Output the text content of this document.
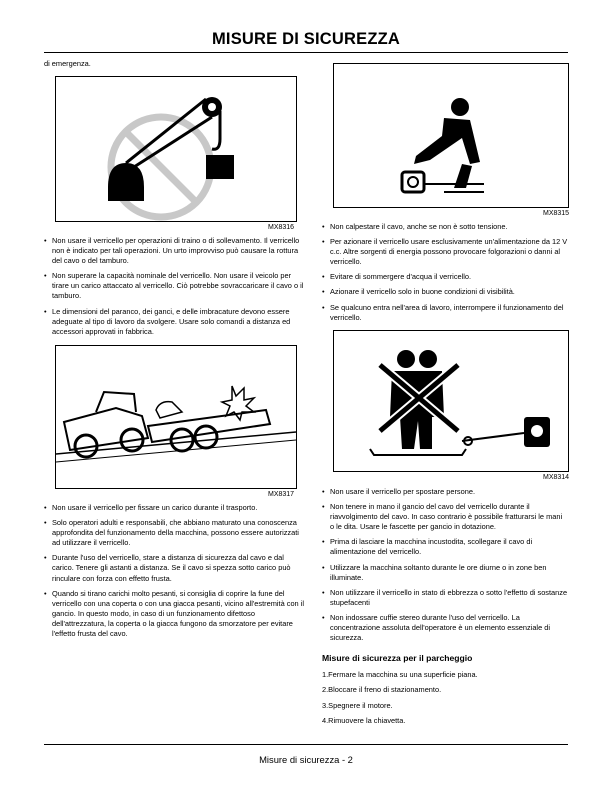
MISURE DI SICUREZZA

di emergenza.

MX8316
• Non usare il verricello per operazioni di traino o di sollevamento. Il verricello non è indicato per tali operazioni. Un urto improvviso può causare la rottura del cavo o del tamburo.
• Non superare la capacità nominale del verricello. Non usare il veicolo per tirare un carico attaccato al verricello. Ciò potrebbe sovraccaricare il cavo o il tamburo.
• Le dimensioni del paranco, dei ganci, e delle imbracature devono essere adeguate al tipo di lavoro da svolgere. Usare solo comandi a distanza ed accessori approvati in fabbrica.
MX8317
• Non usare il verricello per fissare un carico durante il trasporto.
• Solo operatori adulti e responsabili, che abbiano maturato una conoscenza approfondita del funzionamento della macchina, possono essere autorizzati ad utilizzare il verricello.
• Durante l'uso del verricello, stare a distanza di sicurezza dal cavo e dal carico. Tenere gli astanti a distanza. Se il cavo si spezza sotto carico può rinculare con forza con effetto frusta.
• Quando si tirano carichi molto pesanti, si consiglia di coprire la fune del verricello con una coperta o con una giacca pesanti, vicino all'estremità con il gancio. In questo modo, in caso di un funzionamento difettoso dell'attrezzatura, la coperta o la giacca fungono da smorzatore per evitare l'effetto frusta del cavo.
MX8315
• Non calpestare il cavo, anche se non è sotto tensione.
• Per azionare il verricello usare esclusivamente un'alimentazione da 12 V c.c. Altre sorgenti di energia possono provocare folgorazioni o danni al verricello.
• Evitare di sommergere d'acqua il verricello.
• Azionare il verricello solo in buone condizioni di visibilità.
• Se qualcuno entra nell'area di lavoro, interrompere il funzionamento del verricello.
MX8314
• Non usare il verricello per spostare persone.
• Non tenere in mano il gancio del cavo del verricello durante il riavvolgimento del cavo. In caso contrario è possibile fratturarsi le mani o le dita. Usare le fascette per gancio in dotazione.
• Prima di lasciare la macchina incustodita, scollegare il cavo di alimentazione del verricello.
• Utilizzare la macchina soltanto durante le ore diurne o in zone ben illuminate.
• Non utilizzare il verricello in stato di ebbrezza o sotto l'effetto di sostanze stupefacenti
• Non indossare cuffie stereo durante l'uso del verricello. La concentrazione assoluta dell'operatore è un elemento essenziale di sicurezza.
Misure di sicurezza per il parcheggio
1.Fermare la macchina su una superficie piana.
2.Bloccare il freno di stazionamento.
3.Spegnere il motore.
4.Rimuovere la chiavetta.
Misure di sicurezza - 2
